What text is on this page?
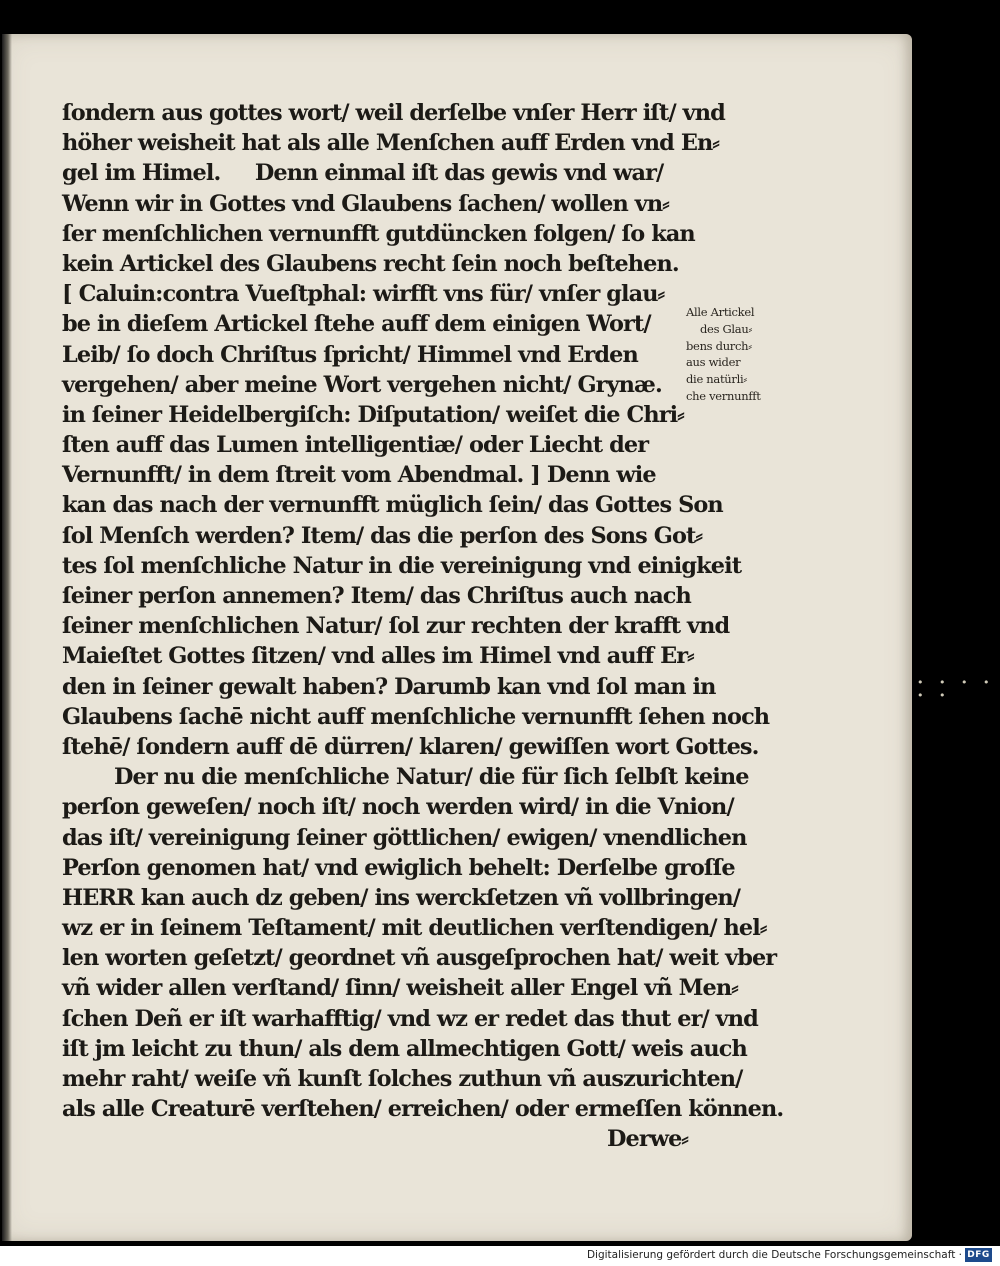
ſondern aus gottes wort/ weil derſelbe vnſer Herr iſt/ vnd
höher weisheit hat als alle Menſchen auff Erden vnd En⸗
gel im Himel.     Denn einmal iſt das gewis vnd war/
Wenn wir in Gottes vnd Glaubens ſachen/ wollen vn⸗
ſer menſchlichen vernunfft gutdüncken folgen/ ſo kan
kein Artickel des Glaubens recht ſein noch beſtehen.
[ Caluin:contra Vueſtphal: wirfft vns für/ vnſer glau⸗
be in dieſem Artickel ſtehe auff dem einigen Wort/
Leib/ ſo doch Chriſtus ſpricht/ Himmel vnd Erden
vergehen/ aber meine Wort vergehen nicht/ Grynæ.
in ſeiner Heidelbergiſch: Diſputation/ weiſet die Chri⸗
ſten auff das Lumen intelligentiæ/ oder Liecht der
Vernunfft/ in dem ſtreit vom Abendmal. ] Denn wie
kan das nach der vernunfft müglich ſein/ das Gottes Son
ſol Menſch werden? Item/ das die perſon des Sons Got⸗
tes ſol menſchliche Natur in die vereinigung vnd einigkeit
ſeiner perſon annemen? Item/ das Chriſtus auch nach
ſeiner menſchlichen Natur/ ſol zur rechten der krafft vnd
Maieſtet Gottes ſitzen/ vnd alles im Himel vnd auff Er⸗
den in ſeiner gewalt haben? Darumb kan vnd ſol man in
Glaubens ſachē nicht auff menſchliche vernunfft ſehen noch
ſtehē/ ſondern auff dē dürren/ klaren/ gewiſſen wort Gottes.
Der nu die menſchliche Natur/ die für ſich ſelbſt keine
perſon geweſen/ noch iſt/ noch werden wird/ in die Vnion/
das iſt/ vereinigung ſeiner göttlichen/ ewigen/ vnendlichen
Perſon genomen hat/ vnd ewiglich behelt: Derſelbe groſſe
HERR kan auch dz geben/ ins werckſetzen vñ vollbringen/
wz er in ſeinem Teſtament/ mit deutlichen verſtendigen/ hel⸗
len worten geſetzt/ geordnet vñ ausgeſprochen hat/ weit vber
vñ wider allen verſtand/ ſinn/ weisheit aller Engel vñ Men⸗
ſchen Deñ er iſt warhafftig/ vnd wz er redet das thut er/ vnd
iſt jm leicht zu thun/ als dem allmechtigen Gott/ weis auch
mehr raht/ weiſe vñ kunſt ſolches zuthun vñ auszurichten/
als alle Creaturē verſtehen/ erreichen/ oder ermeſſen können.
Derwe⸗
Alle Artickel
des Glau⸗
bens durch⸗
aus wider
die natürli⸗
che vernunfft
• • • • • •
Digitalisierung gefördert durch die Deutsche Forschungsgemeinschaft · DFG
